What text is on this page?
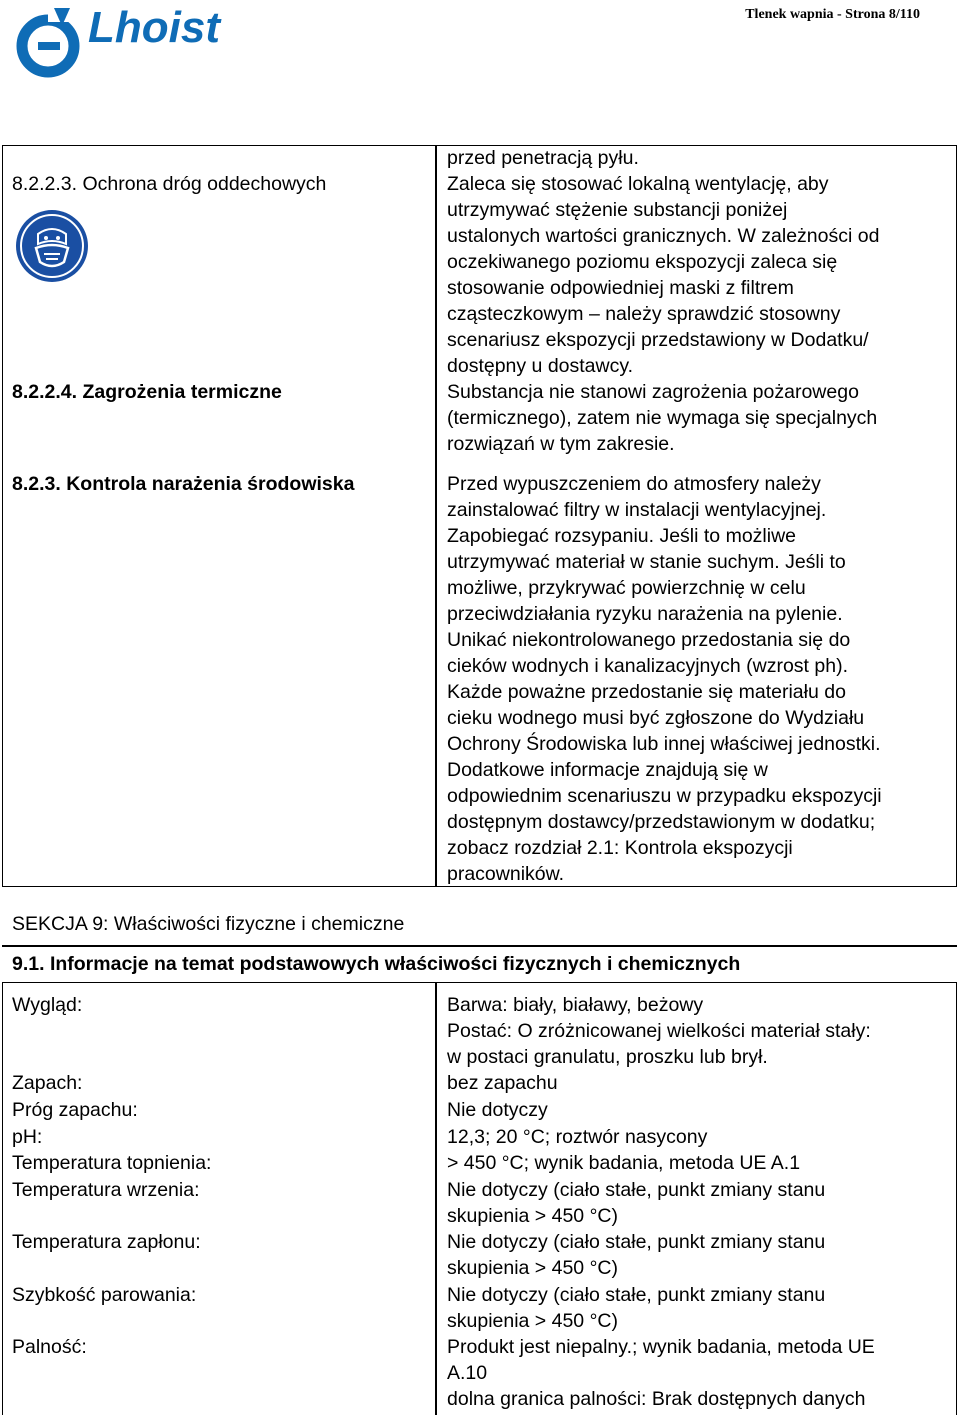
Tlenek wapnia - Strona 8/110
Lhoist
przed penetracją pyłu.
8.2.2.3. Ochrona dróg oddechowych	Zaleca się stosować lokalną wentylację, aby
utrzymywać stężenie substancji poniżej
ustalonych wartości granicznych. W zależności od
oczekiwanego poziomu ekspozycji zaleca się
stosowanie odpowiedniej maski z filtrem
cząsteczkowym – należy sprawdzić stosowny
scenariusz ekspozycji przedstawiony w Dodatku/
dostępny u dostawcy.
8.2.2.4. Zagrożenia termiczne	Substancja nie stanowi zagrożenia pożarowego
(termicznego), zatem nie wymaga się specjalnych
rozwiązań w tym zakresie.
8.2.3. Kontrola narażenia środowiska	Przed wypuszczeniem do atmosfery należy
zainstalować filtry w instalacji wentylacyjnej.
Zapobiegać rozsypaniu. Jeśli to możliwe
utrzymywać materiał w stanie suchym. Jeśli to
możliwe, przykrywać powierzchnię w celu
przeciwdziałania ryzyku narażenia na pylenie.
Unikać niekontrolowanego przedostania się do
cieków wodnych i kanalizacyjnych (wzrost ph).
Każde poważne przedostanie się materiału do
cieku wodnego musi być zgłoszone do Wydziału
Ochrony Środowiska lub innej właściwej jednostki.
Dodatkowe informacje znajdują się w
odpowiednim scenariuszu w przypadku ekspozycji
dostępnym dostawcy/przedstawionym w dodatku;
zobacz rozdział 2.1: Kontrola ekspozycji
pracowników.
SEKCJA 9: Właściwości fizyczne i chemiczne
9.1. Informacje na temat podstawowych właściwości fizycznych i chemicznych
Wygląd:	Barwa: biały, białawy, beżowy
Postać: O zróżnicowanej wielkości materiał stały:
w postaci granulatu, proszku lub brył.
Zapach:	bez zapachu
Próg zapachu:	Nie dotyczy
pH:	12,3; 20 °C; roztwór nasycony
Temperatura topnienia:	> 450 °C; wynik badania, metoda UE A.1
Temperatura wrzenia:	Nie dotyczy (ciało stałe, punkt zmiany stanu
skupienia > 450 °C)
Temperatura zapłonu:	Nie dotyczy (ciało stałe, punkt zmiany stanu
skupienia > 450 °C)
Szybkość parowania:	Nie dotyczy (ciało stałe, punkt zmiany stanu
skupienia > 450 °C)
Palność:	Produkt jest niepalny.; wynik badania, metoda UE
A.10
dolna granica palności: Brak dostępnych danych
